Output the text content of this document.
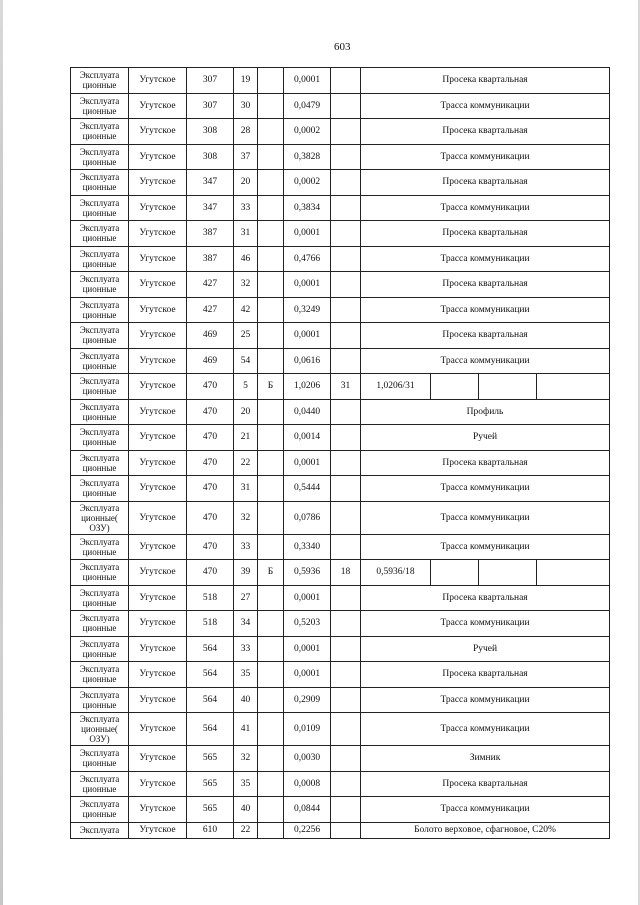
603
Эксплуата ционные	Угутское	307	19		0,0001		Просека квартальная			
Эксплуата ционные	Угутское	307	30		0,0479		Трасса коммуникации			
Эксплуата ционные	Угутское	308	28		0,0002		Просека квартальная			
Эксплуата ционные	Угутское	308	37		0,3828		Трасса коммуникации			
Эксплуата ционные	Угутское	347	20		0,0002		Просека квартальная			
Эксплуата ционные	Угутское	347	33		0,3834		Трасса коммуникации			
Эксплуата ционные	Угутское	387	31		0,0001		Просека квартальная			
Эксплуата ционные	Угутское	387	46		0,4766		Трасса коммуникации			
Эксплуата ционные	Угутское	427	32		0,0001		Просека квартальная			
Эксплуата ционные	Угутское	427	42		0,3249		Трасса коммуникации			
Эксплуата ционные	Угутское	469	25		0,0001		Просека квартальная			
Эксплуата ционные	Угутское	469	54		0,0616		Трасса коммуникации			
Эксплуата ционные	Угутское	470	5	Б	1,0206	31	1,0206/31			
Эксплуата ционные	Угутское	470	20		0,0440		Профиль			
Эксплуата ционные	Угутское	470	21		0,0014		Ручей			
Эксплуата ционные	Угутское	470	22		0,0001		Просека квартальная			
Эксплуата ционные	Угутское	470	31		0,5444		Трасса коммуникации			
Эксплуата ционные( ОЗУ)	Угутское	470	32		0,0786		Трасса коммуникации			
Эксплуата ционные	Угутское	470	33		0,3340		Трасса коммуникации			
Эксплуата ционные	Угутское	470	39	Б	0,5936	18	0,5936/18			
Эксплуата ционные	Угутское	518	27		0,0001		Просека квартальная			
Эксплуата ционные	Угутское	518	34		0,5203		Трасса коммуникации			
Эксплуата ционные	Угутское	564	33		0,0001		Ручей			
Эксплуата ционные	Угутское	564	35		0,0001		Просека квартальная			
Эксплуата ционные	Угутское	564	40		0,2909		Трасса коммуникации			
Эксплуата ционные( ОЗУ)	Угутское	564	41		0,0109		Трасса коммуникации			
Эксплуата ционные	Угутское	565	32		0,0030		Зимник			
Эксплуата ционные	Угутское	565	35		0,0008		Просека квартальная			
Эксплуата ционные	Угутское	565	40		0,0844		Трасса коммуникации			
Эксплуата	Угутское	610	22		0,2256		Болото верховое, сфагновое, С20%			
